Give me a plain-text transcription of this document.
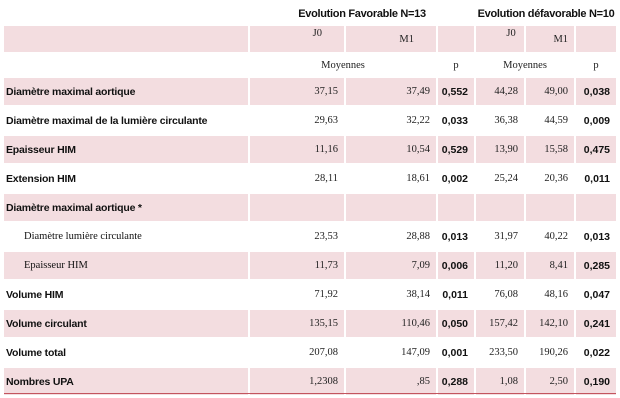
	Evolution Favorable N=13			Evolution défavorable N=10		
	J0	M1		J0	M1	
	Moyennes		p	Moyennes		p
Diamètre maximal aortique	37,15	37,49	0,552	44,28	49,00	0,038
Diamètre maximal de la lumière circulante	29,63	32,22	0,033	36,38	44,59	0,009
Epaisseur HIM	11,16	10,54	0,529	13,90	15,58	0,475
Extension HIM	28,11	18,61	0,002	25,24	20,36	0,011
Diamètre maximal aortique *						
Diamètre lumière circulante	23,53	28,88	0,013	31,97	40,22	0,013
Epaisseur HIM	11,73	7,09	0,006	11,20	8,41	0,285
Volume HIM	71,92	38,14	0,011	76,08	48,16	0,047
Volume circulant	135,15	110,46	0,050	157,42	142,10	0,241
Volume total	207,08	147,09	0,001	233,50	190,26	0,022
Nombres UPA	1,2308	,85	0,288	1,08	2,50	0,190
